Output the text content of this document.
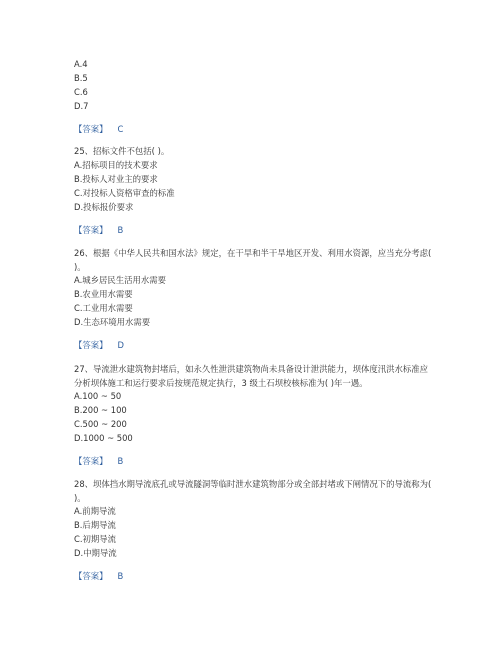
A.4
B.5
C.6
D.7
【答案】 C
25、招标文件不包括( )。
A.招标项目的技术要求
B.投标人对业主的要求
C.对投标人资格审查的标准
D.投标报价要求
【答案】 B
26、根据《中华人民共和国水法》规定，在干旱和半干旱地区开发、利用水资源，应当充分考虑( )。
A.城乡居民生活用水需要
B.农业用水需要
C.工业用水需要
D.生态环境用水需要
【答案】 D
27、导流泄水建筑物封堵后，如永久性泄洪建筑物尚未具备设计泄洪能力，坝体度汛洪水标准应分析坝体施工和运行要求后按规范规定执行，3 级土石坝校核标准为( )年一遇。
A.100 ~ 50
B.200 ~ 100
C.500 ~ 200
D.1000 ~ 500
【答案】 B
28、坝体挡水期导流底孔或导流隧洞等临时泄水建筑物部分或全部封堵或下闸情况下的导流称为( )。
A.前期导流
B.后期导流
C.初期导流
D.中期导流
【答案】 B
